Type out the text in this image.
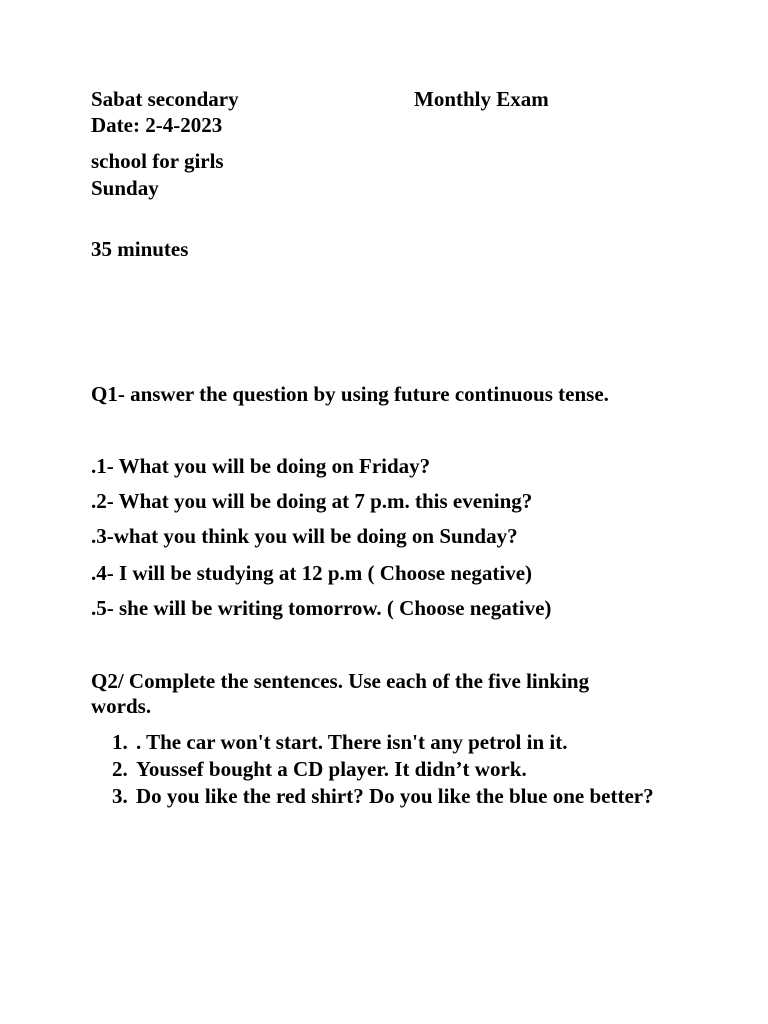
Sabat secondary	Monthly Exam
Date: 2-4-2023
school for girls
Sunday
35 minutes
Q1- answer the question by using future continuous tense.
.1- What you will be doing on Friday?
.2- What you will be doing at 7 p.m. this evening?
.3-what you think you will be doing on Sunday?
.4- I will be studying at 12 p.m ( Choose negative)
.5- she will be writing tomorrow. ( Choose negative)
Q2/ Complete the sentences. Use each of the five linking
words.
1. . The car won't start. There isn't any petrol in it.
2. Youssef bought a CD player. It didn’t work.
3. Do you like the red shirt? Do you like the blue one better?
